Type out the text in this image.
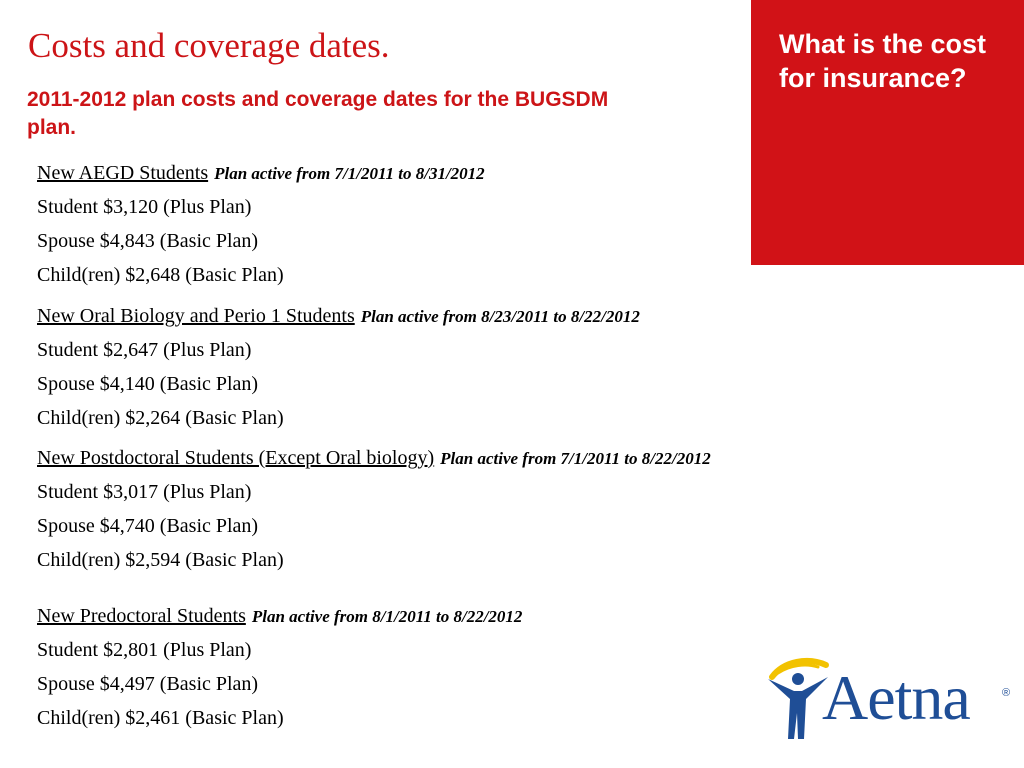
Costs and coverage dates.

2011-2012 plan costs and coverage dates for the BUGSDM plan.

What is the cost for insurance?

New AEGD Students Plan active from 7/1/2011 to 8/31/2012
Student $3,120 (Plus Plan)
Spouse $4,843 (Basic Plan)
Child(ren) $2,648 (Basic Plan)
New Oral Biology and Perio 1 Students Plan active from 8/23/2011 to 8/22/2012
Student $2,647 (Plus Plan)
Spouse $4,140 (Basic Plan)
Child(ren) $2,264 (Basic Plan)
New Postdoctoral Students (Except Oral biology) Plan active from 7/1/2011 to 8/22/2012
Student $3,017 (Plus Plan)
Spouse $4,740 (Basic Plan)
Child(ren) $2,594 (Basic Plan)
New Predoctoral Students Plan active from 8/1/2011 to 8/22/2012
Student $2,801 (Plus Plan)
Spouse $4,497 (Basic Plan)
Child(ren) $2,461 (Basic Plan)	Aetna	®
